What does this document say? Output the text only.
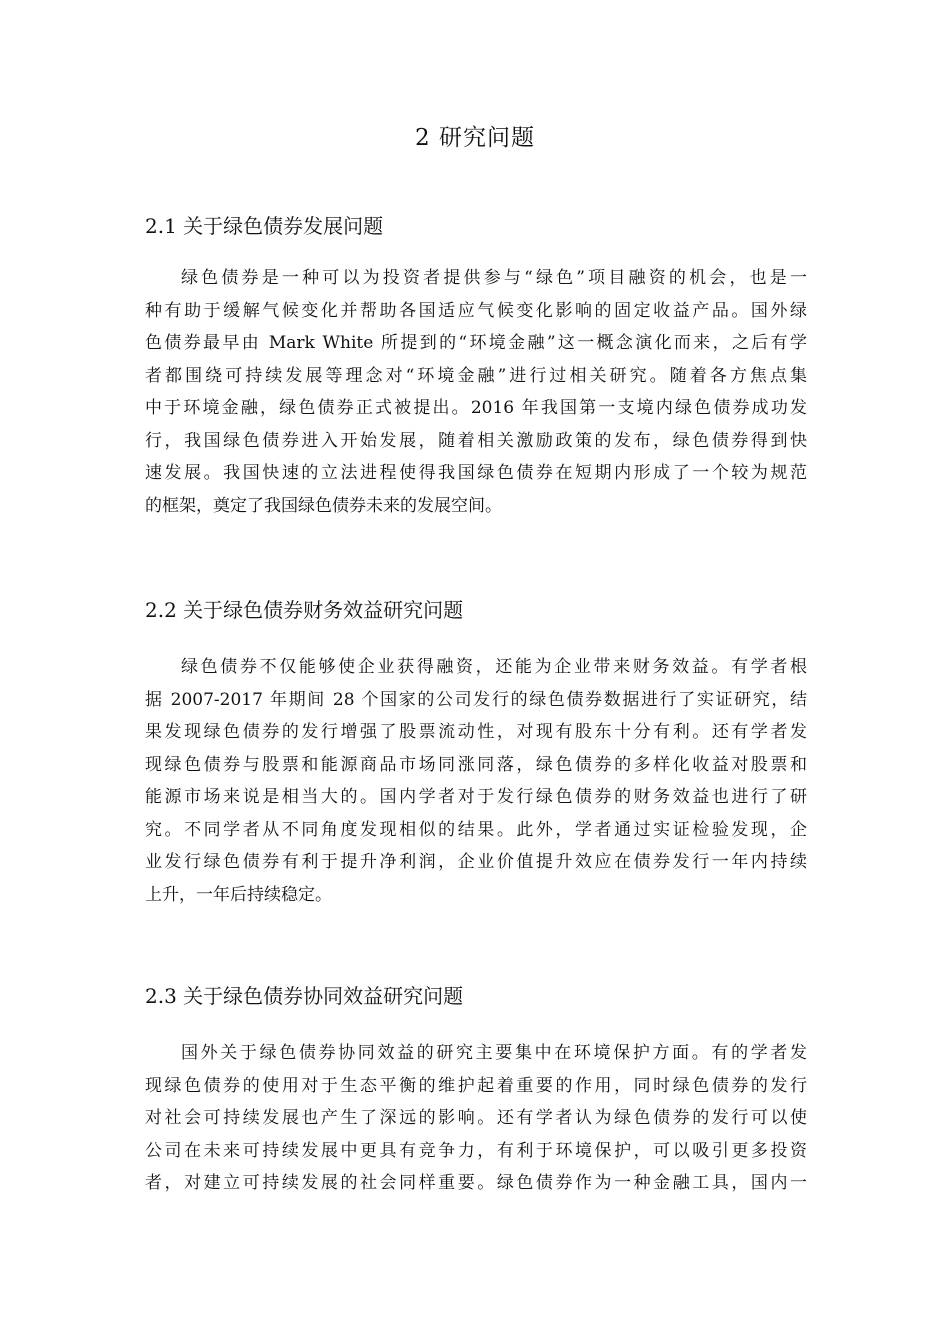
2 研究问题
2.1 关于绿色债券发展问题
绿色债券是一种可以为投资者提供参与“绿色”项目融资的机会，也是一
种有助于缓解气候变化并帮助各国适应气候变化影响的固定收益产品。国外绿
色债券最早由 Mark White 所提到的“环境金融”这一概念演化而来，之后有学
者都围绕可持续发展等理念对“环境金融”进行过相关研究。随着各方焦点集
中于环境金融，绿色债券正式被提出。2016 年我国第一支境内绿色债券成功发
行，我国绿色债券进入开始发展，随着相关激励政策的发布，绿色债券得到快
速发展。我国快速的立法进程使得我国绿色债券在短期内形成了一个较为规范
的框架，奠定了我国绿色债券未来的发展空间。
2.2 关于绿色债券财务效益研究问题
绿色债券不仅能够使企业获得融资，还能为企业带来财务效益。有学者根
据 2007-2017 年期间 28 个国家的公司发行的绿色债券数据进行了实证研究，结
果发现绿色债券的发行增强了股票流动性，对现有股东十分有利。还有学者发
现绿色债券与股票和能源商品市场同涨同落，绿色债券的多样化收益对股票和
能源市场来说是相当大的。国内学者对于发行绿色债券的财务效益也进行了研
究。不同学者从不同角度发现相似的结果。此外，学者通过实证检验发现，企
业发行绿色债券有利于提升净利润，企业价值提升效应在债券发行一年内持续
上升，一年后持续稳定。
2.3 关于绿色债券协同效益研究问题
国外关于绿色债券协同效益的研究主要集中在环境保护方面。有的学者发
现绿色债券的使用对于生态平衡的维护起着重要的作用，同时绿色债券的发行
对社会可持续发展也产生了深远的影响。还有学者认为绿色债券的发行可以使
公司在未来可持续发展中更具有竞争力，有利于环境保护，可以吸引更多投资
者，对建立可持续发展的社会同样重要。绿色债券作为一种金融工具，国内一
